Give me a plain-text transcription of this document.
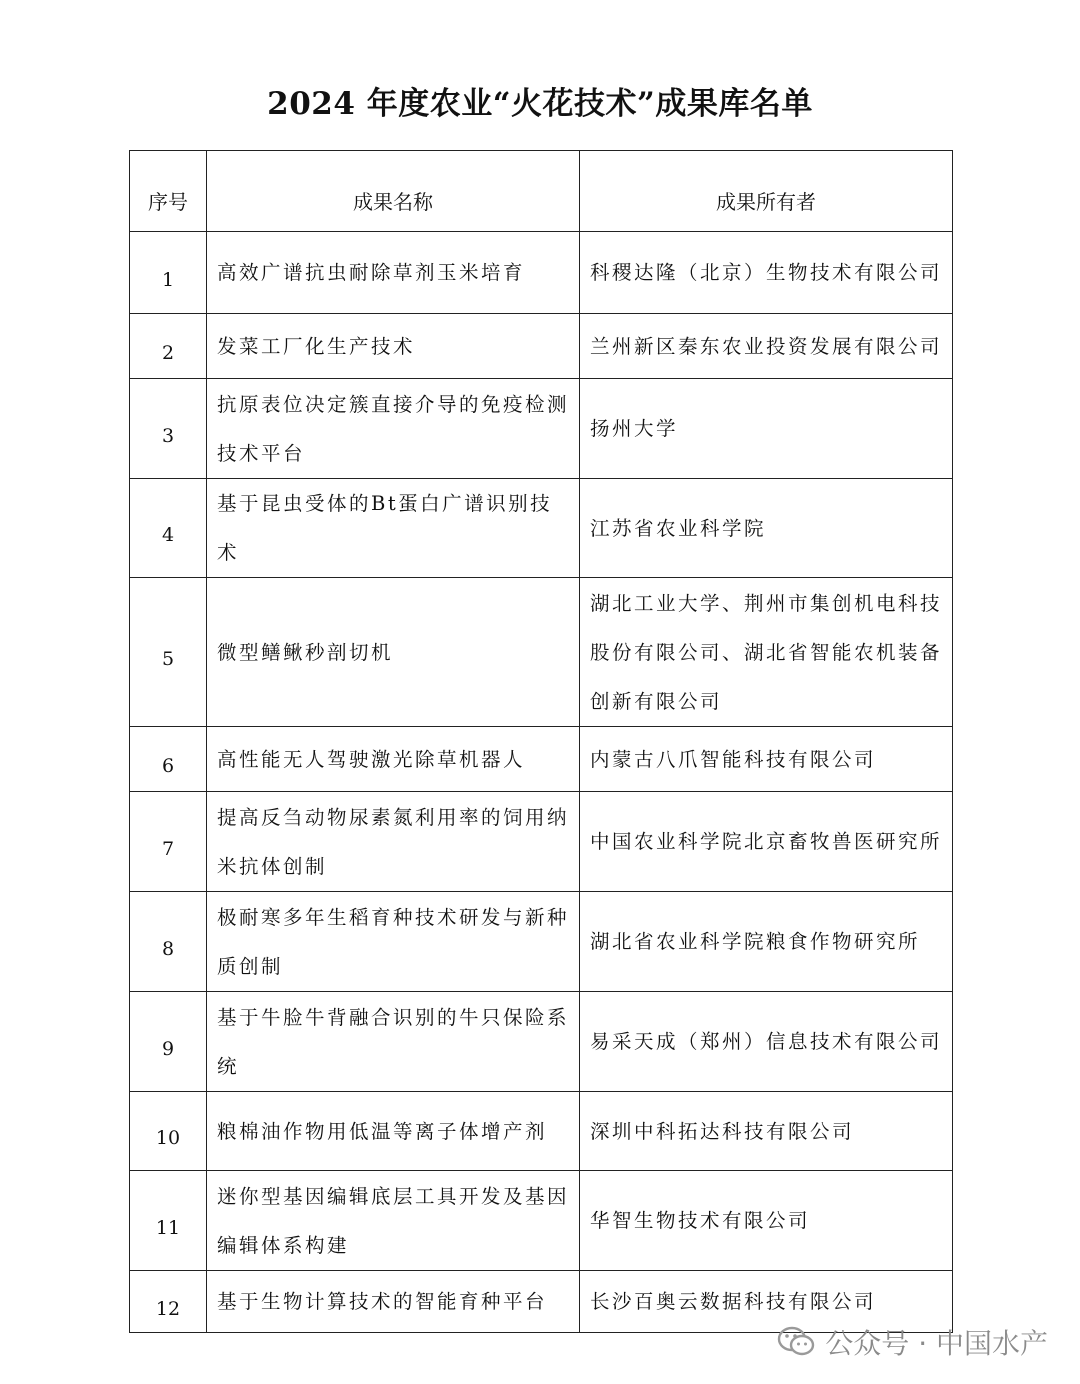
2024 年度农业“火花技术”成果库名单
序号	成果名称	成果所有者
1	高效广谱抗虫耐除草剂玉米培育	科稷达隆（北京）生物技术有限公司
2	发菜工厂化生产技术	兰州新区秦东农业投资发展有限公司
3	抗原表位决定簇直接介导的免疫检测技术平台	扬州大学
4	基于昆虫受体的Bt蛋白广谱识别技术	江苏省农业科学院
5	微型鳝鳅秒剖切机	湖北工业大学、荆州市集创机电科技股份有限公司、湖北省智能农机装备创新有限公司
6	高性能无人驾驶激光除草机器人	内蒙古八爪智能科技有限公司
7	提高反刍动物尿素氮利用率的饲用纳米抗体创制	中国农业科学院北京畜牧兽医研究所
8	极耐寒多年生稻育种技术研发与新种质创制	湖北省农业科学院粮食作物研究所
9	基于牛脸牛背融合识别的牛只保险系统	易采天成（郑州）信息技术有限公司
10	粮棉油作物用低温等离子体增产剂	深圳中科拓达科技有限公司
11	迷你型基因编辑底层工具开发及基因编辑体系构建	华智生物技术有限公司
12	基于生物计算技术的智能育种平台	长沙百奥云数据科技有限公司
公众号 · 中国水产
